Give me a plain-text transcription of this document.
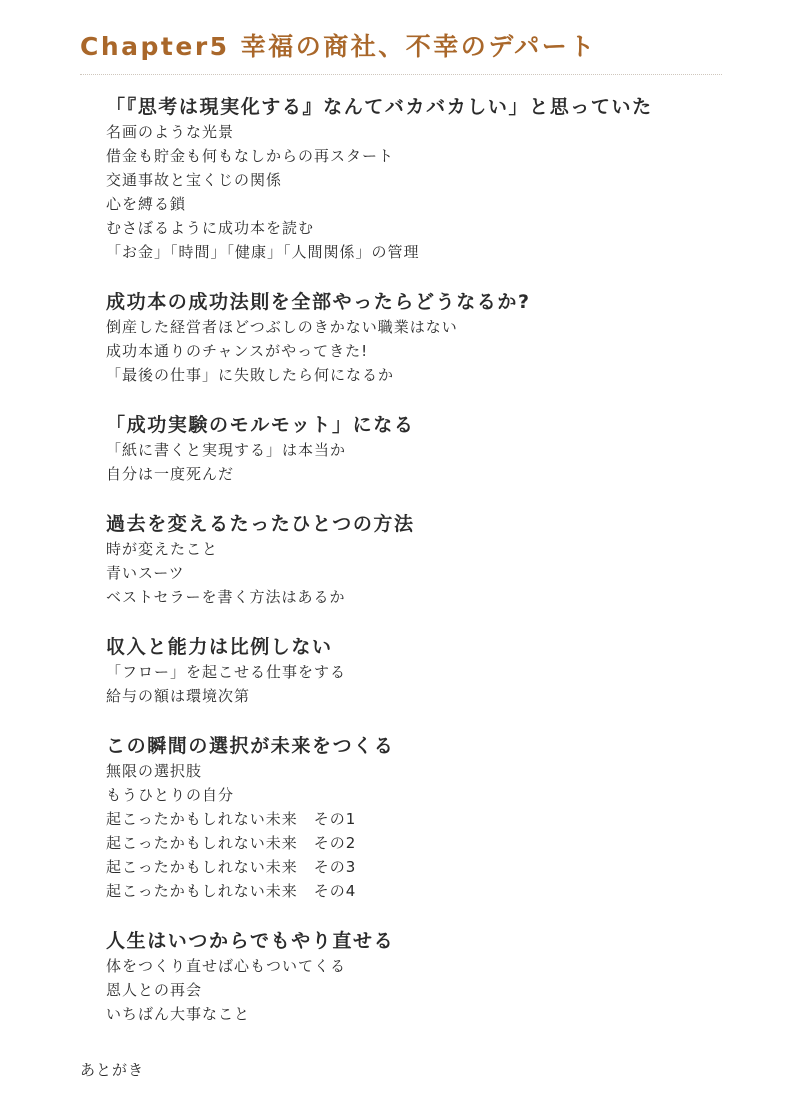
Chapter5 幸福の商社、不幸のデパート
「『思考は現実化する』なんてバカバカしい」と思っていた
名画のような光景
借金も貯金も何もなしからの再スタート
交通事故と宝くじの関係
心を縛る鎖
むさぼるように成功本を読む
「お金」「時間」「健康」「人間関係」の管理
成功本の成功法則を全部やったらどうなるか?
倒産した経営者ほどつぶしのきかない職業はない
成功本通りのチャンスがやってきた!
「最後の仕事」に失敗したら何になるか
「成功実験のモルモット」になる
「紙に書くと実現する」は本当か
自分は一度死んだ
過去を変えるたったひとつの方法
時が変えたこと
青いスーツ
ベストセラーを書く方法はあるか
収入と能力は比例しない
「フロー」を起こせる仕事をする
給与の額は環境次第
この瞬間の選択が未来をつくる
無限の選択肢
もうひとりの自分
起こったかもしれない未来　その1
起こったかもしれない未来　その2
起こったかもしれない未来　その3
起こったかもしれない未来　その4
人生はいつからでもやり直せる
体をつくり直せば心もついてくる
恩人との再会
いちばん大事なこと
あとがき
